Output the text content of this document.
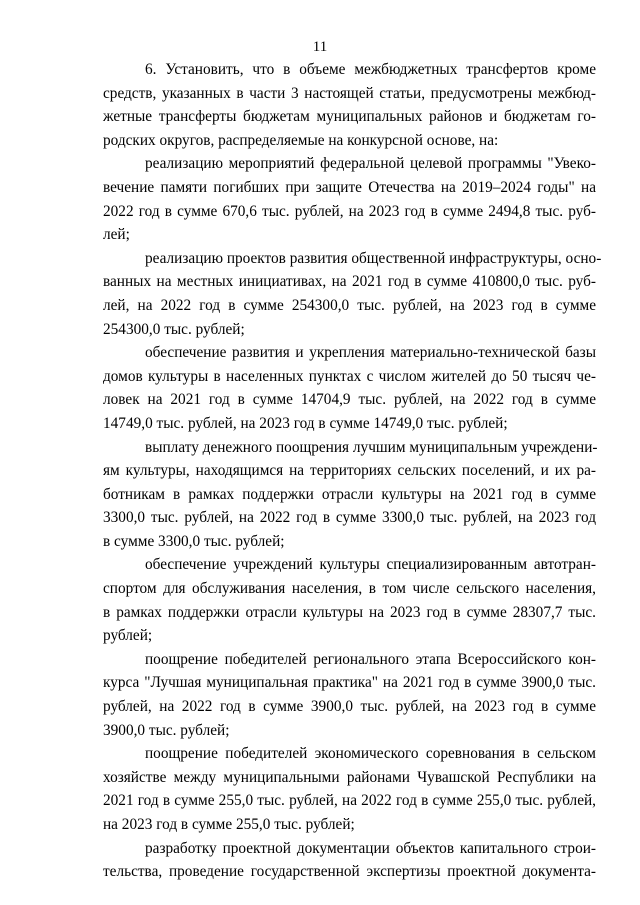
11

6. Установить, что в объеме межбюджетных трансфертов кроме
средств, указанных в части 3 настоящей статьи, предусмотрены межбюд-
жетные трансферты бюджетам муниципальных районов и бюджетам го-
родских округов, распределяемые на конкурсной основе, на:

реализацию мероприятий федеральной целевой программы "Увеко-
вечение памяти погибших при защите Отечества на 2019–2024 годы" на
2022 год в сумме 670,6 тыс. рублей, на 2023 год в сумме 2494,8 тыс. руб-
лей;

реализацию проектов развития общественной инфраструктуры, осно-
ванных на местных инициативах, на 2021 год в сумме 410800,0 тыс. руб-
лей, на 2022 год в сумме 254300,0 тыс. рублей, на 2023 год в сумме
254300,0 тыс. рублей;

обеспечение развития и укрепления материально-технической базы
домов культуры в населенных пунктах с числом жителей до 50 тысяч че-
ловек на 2021 год в сумме 14704,9 тыс. рублей, на 2022 год в сумме
14749,0 тыс. рублей, на 2023 год в сумме 14749,0 тыс. рублей;

выплату денежного поощрения лучшим муниципальным учреждени-
ям культуры, находящимся на территориях сельских поселений, и их ра-
ботникам в рамках поддержки отрасли культуры на 2021 год в сумме
3300,0 тыс. рублей, на 2022 год в сумме 3300,0 тыс. рублей, на 2023 год
в сумме 3300,0 тыс. рублей;

обеспечение учреждений культуры специализированным автотран-
спортом для обслуживания населения, в том числе сельского населения,
в рамках поддержки отрасли культуры на 2023 год в сумме 28307,7 тыс.
рублей;

поощрение победителей регионального этапа Всероссийского кон-
курса "Лучшая муниципальная практика" на 2021 год в сумме 3900,0 тыс.
рублей, на 2022 год в сумме 3900,0 тыс. рублей, на 2023 год в сумме
3900,0 тыс. рублей;

поощрение победителей экономического соревнования в сельском
хозяйстве между муниципальными районами Чувашской Республики на
2021 год в сумме 255,0 тыс. рублей, на 2022 год в сумме 255,0 тыс. рублей,
на 2023 год в сумме 255,0 тыс. рублей;

разработку проектной документации объектов капитального строи-
тельства, проведение государственной экспертизы проектной документа-
